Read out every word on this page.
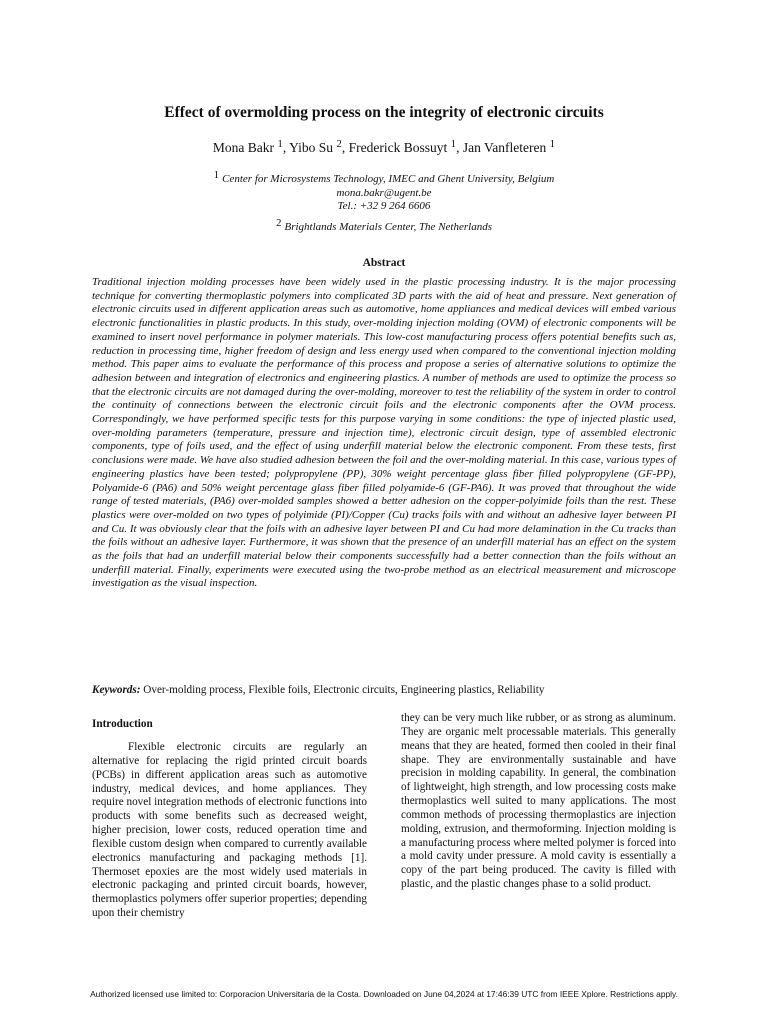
Effect of overmolding process on the integrity of electronic circuits
Mona Bakr $^1$, Yibo Su $^2$, Frederick Bossuyt $^1$, Jan Vanfleteren $^1$
$^1$ Center for Microsystems Technology, IMEC and Ghent University, Belgium
mona.bakr@ugent.be
Tel.: +32 9 264 6606
$^2$ Brightlands Materials Center, The Netherlands
Abstract

Traditional injection molding processes have been widely used in the plastic processing industry. It is the major processing technique for converting thermoplastic polymers into complicated 3D parts with the aid of heat and pressure. Next generation of electronic circuits used in different application areas such as automotive, home appliances and medical devices will embed various electronic functionalities in plastic products. In this study, over-molding injection molding (OVM) of electronic components will be examined to insert novel performance in polymer materials. This low-cost manufacturing process offers potential benefits such as, reduction in processing time, higher freedom of design and less energy used when compared to the conventional injection molding method. This paper aims to evaluate the performance of this process and propose a series of alternative solutions to optimize the adhesion between and integration of electronics and engineering plastics. A number of methods are used to optimize the process so that the electronic circuits are not damaged during the over-molding, moreover to test the reliability of the system in order to control the continuity of connections between the electronic circuit foils and the electronic components after the OVM process. Correspondingly, we have performed specific tests for this purpose varying in some conditions: the type of injected plastic used, over-molding parameters (temperature, pressure and injection time), electronic circuit design, type of assembled electronic components, type of foils used, and the effect of using underfill material below the electronic component. From these tests, first conclusions were made. We have also studied adhesion between the foil and the over-molding material. In this case, various types of engineering plastics have been tested; polypropylene (PP), 30% weight percentage glass fiber filled polypropylene (GF-PP), Polyamide-6 (PA6) and 50% weight percentage glass fiber filled polyamide-6 (GF-PA6). It was proved that throughout the wide range of tested materials, (PA6) over-molded samples showed a better adhesion on the copper-polyimide foils than the rest. These plastics were over-molded on two types of polyimide (PI)/Copper (Cu) tracks foils with and without an adhesive layer between PI and Cu. It was obviously clear that the foils with an adhesive layer between PI and Cu had more delamination in the Cu tracks than the foils without an adhesive layer. Furthermore, it was shown that the presence of an underfill material has an effect on the system as the foils that had an underfill material below their components successfully had a better connection than the foils without an underfill material. Finally, experiments were executed using the two-probe method as an electrical measurement and microscope investigation as the visual inspection.

Keywords: Over-molding process, Flexible foils, Electronic circuits, Engineering plastics, Reliability
Introduction

Flexible electronic circuits are regularly an alternative for replacing the rigid printed circuit boards (PCBs) in different application areas such as automotive industry, medical devices, and home appliances. They require novel integration methods of electronic functions into products with some benefits such as decreased weight, higher precision, lower costs, reduced operation time and flexible custom design when compared to currently available electronics manufacturing and packaging methods [1]. Thermoset epoxies are the most widely used materials in electronic packaging and printed circuit boards, however, thermoplastics polymers offer superior properties; depending upon their chemistry

they can be very much like rubber, or as strong as aluminum. They are organic melt processable materials. This generally means that they are heated, formed then cooled in their final shape. They are environmentally sustainable and have precision in molding capability. In general, the combination of lightweight, high strength, and low processing costs make thermoplastics well suited to many applications. The most common methods of processing thermoplastics are injection molding, extrusion, and thermoforming. Injection molding is a manufacturing process where melted polymer is forced into a mold cavity under pressure. A mold cavity is essentially a copy of the part being produced. The cavity is filled with plastic, and the plastic changes phase to a solid product.

Authorized licensed use limited to: Corporacion Universitaria de la Costa. Downloaded on June 04,2024 at 17:46:39 UTC from IEEE Xplore. Restrictions apply.
